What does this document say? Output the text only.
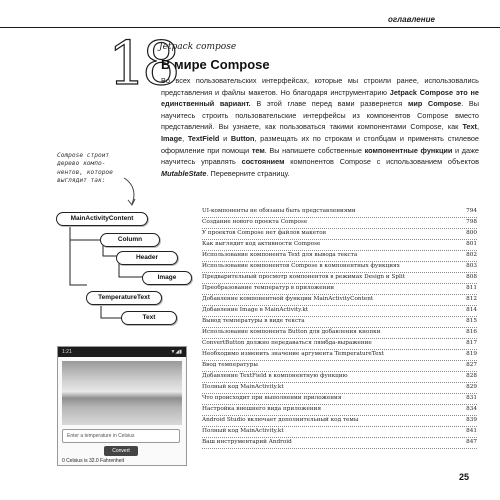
оглавление
18
Jetpack compose
В мире Compose
Во всех пользовательских интерфейсах, которые мы строили ранее, использовались представления и файлы макетов. Но благодаря инструментарию Jetpack Compose это не единственный вариант. В этой главе перед вами развернется мир Compose. Вы научитесь строить пользовательские интерфейсы из компонентов Compose вместо представлений. Вы узнаете, как пользоваться такими компонентами Compose, как Text, Image, TextField и Button, размещать их по строкам и столбцам и применять стилевое оформление при помощи тем. Вы напишете собственные компонентные функции и даже научитесь управлять состоянием компонентов Compose с использованием объектов MutableState. Переверните страницу.
Compose строит дерево компо-нентов, которое выглядит так:
MainActivityContent
Column
Header
Image
TemperatureText
Text
1:21	▼◢▮
Enter a temperature in Celsius
Convert
0 Celsius is 32.0 Fahrenheit
UI-компоненты не обязаны быть представлениями	794
Создание нового проекта Compose	798
У проектов Compose нет файлов макетов	800
Как выглядит код активности Compose	801
Использование компонента Text для вывода текста	802
Использование компонентов Compose в компонентных функциях	803
Предварительный просмотр компонентов в режимах Design и Split	808
Преобразование температур в приложении	811
Добавление компонентной функции MainActivityContent	812
Добавление Image в MainActivity.kt	814
Вывод температуры в виде текста	815
Использование компонента Button для добавления кнопки	816
ConvertButton должно передаваться лямбда-выражение	817
Необходимо изменить значение аргумента TemperatureText	819
Ввод температуры	827
Добавление TextField в компонентную функцию	828
Полный код MainActivity.kt	829
Что происходит при выполнении приложения	831
Настройка внешнего вида приложения	834
Android Studio включает дополнительный код темы	839
Полный код MainActivity.kt	841
Ваш инструментарий Android	847
25
